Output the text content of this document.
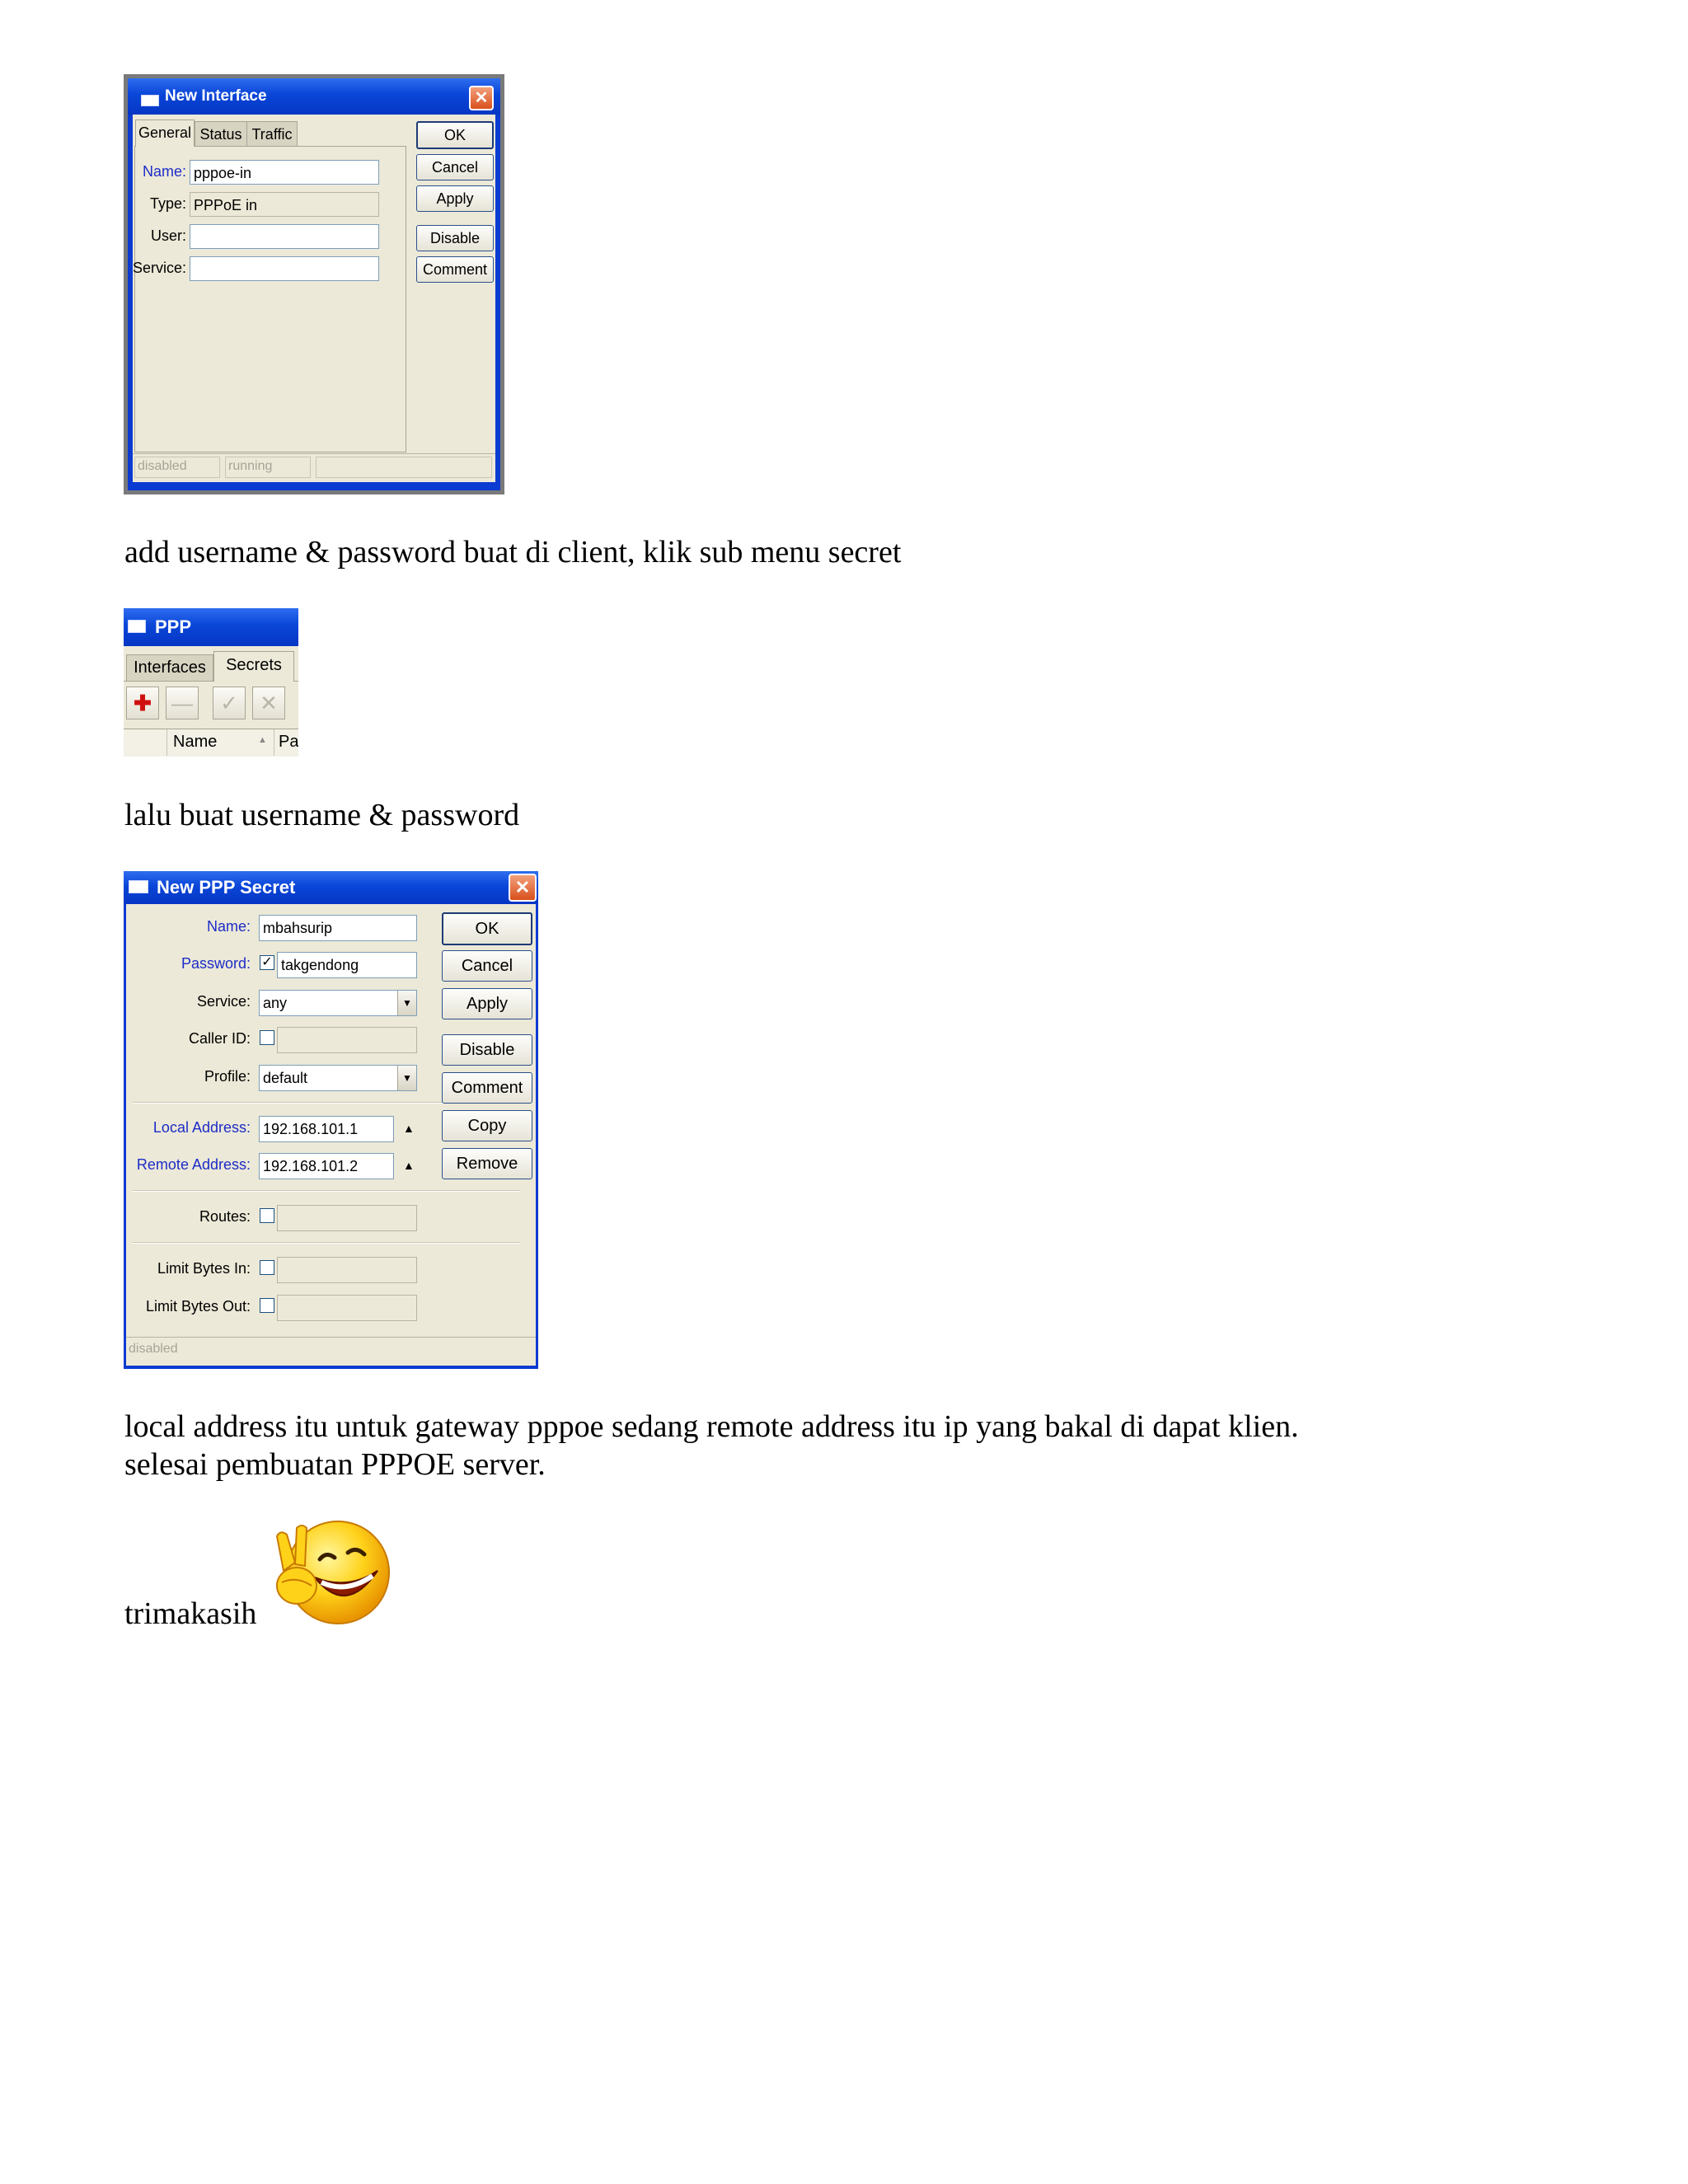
New Interface	✕
General Status Traffic
Name: pppoe-in
Type: PPPoE in
User:
Service:
OK
Cancel
Apply
Disable
Comment
disabled	running
add username & password buat di client, klik sub menu secret
PPP
Interfaces	Secrets
✚ —	✓	✕
Name	▲ Pa
lalu buat username & password
New PPP Secret	✕
Name: mbahsurip
Password: ✓ takgendong
Service: any	▼
Caller ID:
Profile: default	▼
Local Address: 192.168.101.1	▲
Remote Address: 192.168.101.2	▲
Routes:
Limit Bytes In:
Limit Bytes Out:
OK
Cancel
Apply
Disable
Comment
Copy
Remove
disabled
local address itu untuk gateway pppoe sedang remote address itu ip yang bakal di dapat klien.
selesai pembuatan PPPOE server.
trimakasih
